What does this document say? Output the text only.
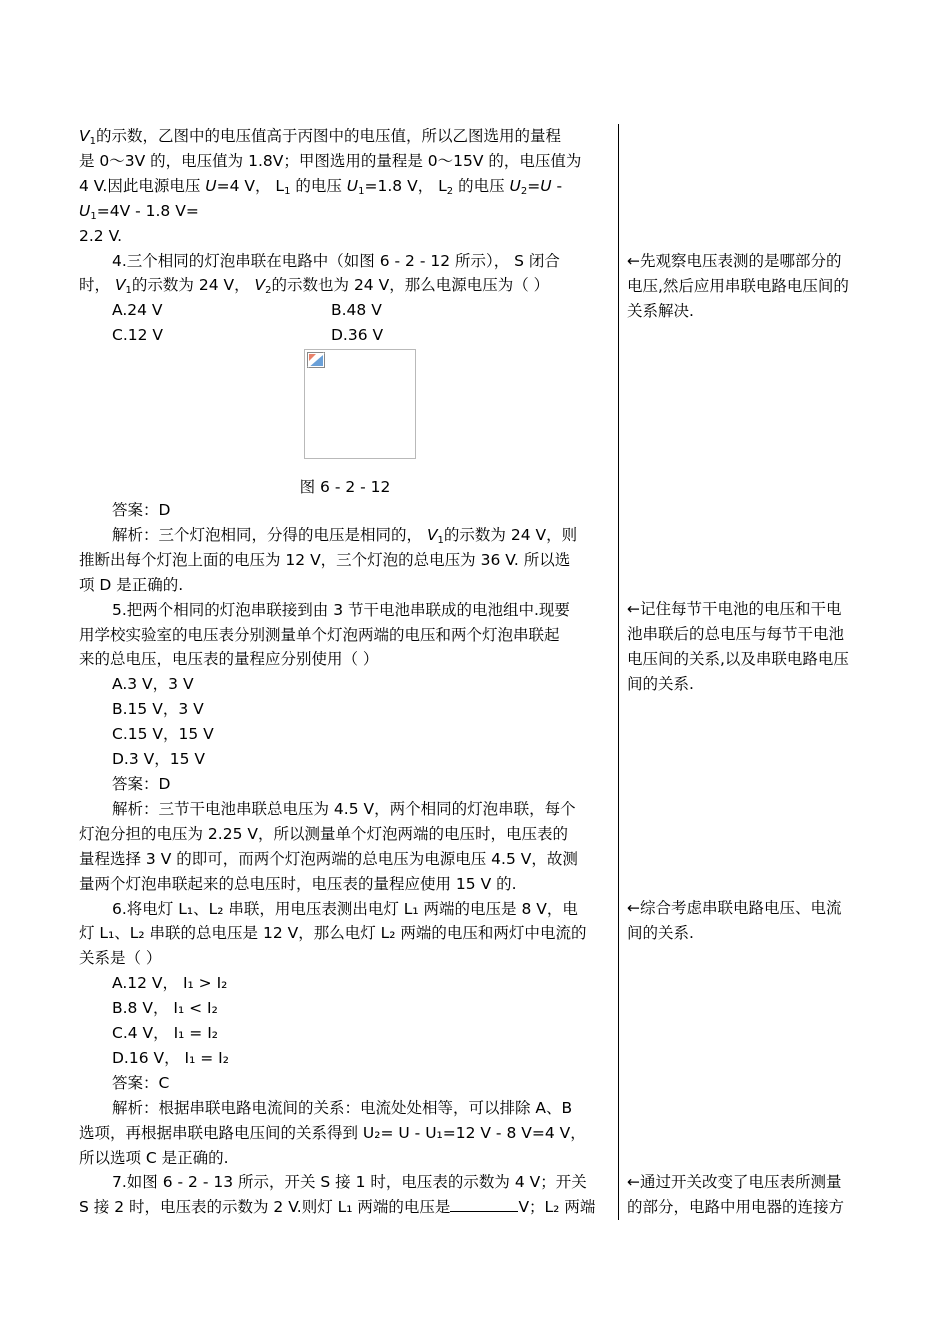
$V_1$的示数，乙图中的电压值高于丙图中的电压值，所以乙图选用的量程

是 0～3V 的，电压值为 1.8V；甲图选用的量程是 0～15V 的，电压值为

4 V.因此电源电压 U=4 V， $L_1$ 的电压 $U_1=1.8$ V， $L_2$ 的电压 $U_2=U$ -

$U_1=4V - 1.8$ V=

2.2 V.

4.三个相同的灯泡串联在电路中（如图 6 - 2 - 12 所示）， S 闭合

时， $V_1$的示数为 24 V， $V_2$的示数也为 24 V，那么电源电压为（ ）

A.24 V	B.48 V

C.12 V	D.36 V

图 6 - 2 - 12

答案：D

解析：三个灯泡相同，分得的电压是相同的， $V_1$的示数为 24 V，则

推断出每个灯泡上面的电压为 12 V，三个灯泡的总电压为 36 V. 所以选

项 D 是正确的.

5.把两个相同的灯泡串联接到由 3 节干电池串联成的电池组中.现要

用学校实验室的电压表分别测量单个灯泡两端的电压和两个灯泡串联起

来的总电压，电压表的量程应分别使用（ ）

A.3 V，3 V

B.15 V，3 V

C.15 V，15 V

D.3 V，15 V

答案：D

解析：三节干电池串联总电压为 4.5 V，两个相同的灯泡串联，每个

灯泡分担的电压为 2.25 V，所以测量单个灯泡两端的电压时，电压表的

量程选择 3 V 的即可，而两个灯泡两端的总电压为电源电压 4.5 V，故测

量两个灯泡串联起来的总电压时，电压表的量程应使用 15 V 的.

6.将电灯 L₁、L₂ 串联，用电压表测出电灯 L₁ 两端的电压是 8 V，电

灯 L₁、L₂ 串联的总电压是 12 V，那么电灯 L₂ 两端的电压和两灯中电流的

关系是（ ）

A.12 V， I₁ > I₂

B.8 V， I₁ < I₂

C.4 V， I₁ = I₂

D.16 V， I₁ = I₂

答案：C

解析：根据串联电路电流间的关系：电流处处相等，可以排除 A、B

选项，再根据串联电路电压间的关系得到 U₂= U - U₁=12 V - 8 V=4 V，

所以选项 C 是正确的.

7.如图 6 - 2 - 13 所示，开关 S 接 1 时，电压表的示数为 4 V；开关

S 接 2 时，电压表的示数为 2 V.则灯 L₁ 两端的电压是	V；L₂ 两端

←先观察电压表测的是哪部分的
电压,然后应用串联电路电压间的
关系解决.
←记住每节干电池的电压和干电
池串联后的总电压与每节干电池
电压间的关系,以及串联电路电压
间的关系.
←综合考虑串联电路电压、电流
间的关系.
←通过开关改变了电压表所测量
的部分，电路中用电器的连接方
